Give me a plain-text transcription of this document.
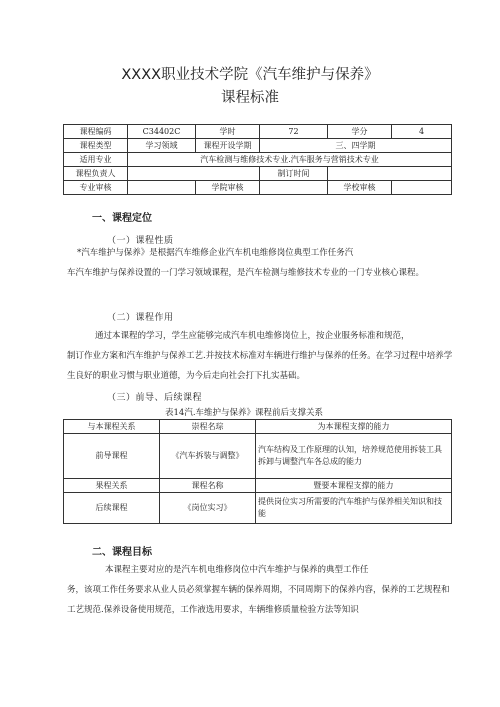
XXXX职业技术学院《汽车维护与保养》
课程标准
课程编码	C34402C	学时	72	学分	4
课程类型	学习领域	课程开设学期	三、四学期		
适用专业	汽车检测与维修技术专业.汽车服务与营销技术专业				
课程负责人			制订时间		
专业审核		学院审核		学校审核	
一、课程定位
（一）课程性质

*汽车维护与保养》是根据汽车维修企业汽车机电维修岗位典型工作任务汽
车汽车维护与保养设置的一门学习领域课程，是汽车检测与维修技术专业的一门专业核心课程。

（二）课程作用

通过本课程的学习，学生应能够完成汽车机电维修岗位上，按企业服务标准和规范，
制订作业方案和汽车维护与保养工艺.并按技术标准对车辆进行维护与保养的任务。在学习过程中培养学生良好的职业习惯与职业道德，为今后走向社会打下扎实基础。

（三）前导、后续课程
表14汽.车维护与保养》课程前后支撑关系
与本课程关系	崇程名琮	为本课程支撑的能力
前导课程	《汽车拆装与调整》	汽车结构及工作原理的认知，培养规范使用拆装工具拆卸与调整汽车各总成的能力
果程关系	课程名称	暨要本课程支撑的能力
后续课程	《岗位实习》	提供岗位实习所需要的汽车维护与保养相关知识和技能
二、课程目标

本课程主要对应的是汽车机电维修岗位中汽车维护与保养的典型工作任
务，该项工作任务要求从业人员必须掌握车辆的保养周期，不同周期下的保养内容，保养的工艺规程和工艺规范.保养设备使用规范，工作液选用要求，车辆维修质量检验方法等知识
